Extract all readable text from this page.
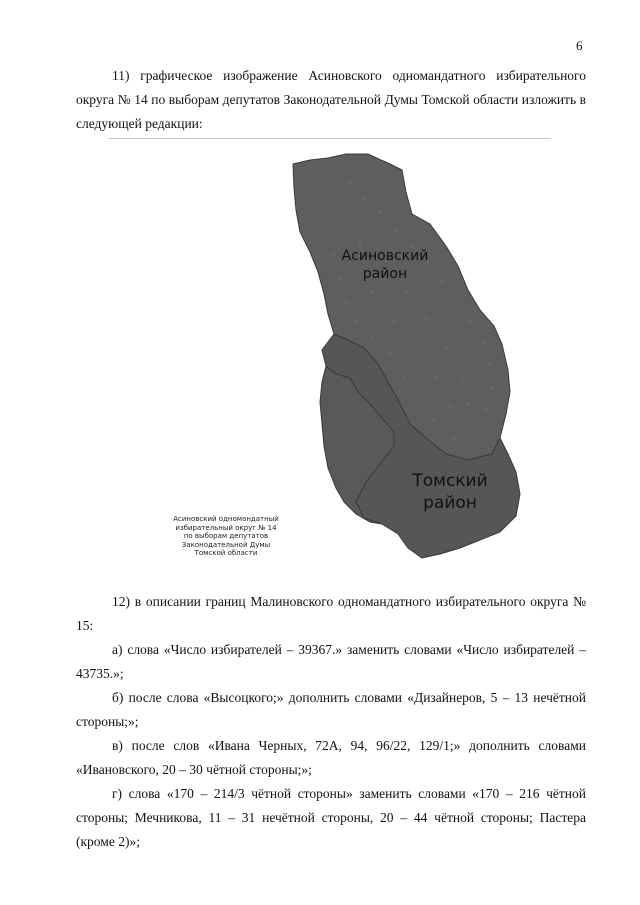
6

11) графическое изображение Асиновского одномандатного избирательного округа № 14 по выборам депутатов Законодательной Думы Томской области изложить в следующей редакции:

Асиновский
район
Томский
район
Асиновский одномандатный
избирательный округ № 14
по выборам депутатов
Законодательной Думы
Томской области

12) в описании границ Малиновского одномандатного избирательного округа № 15:

а) слова «Число избирателей – 39367.» заменить словами «Число избирателей – 43735.»;

б) после слова «Высоцкого;» дополнить словами «Дизайнеров, 5 – 13 нечётной стороны;»;

в) после слов «Ивана Черных, 72А, 94, 96/22, 129/1;» дополнить словами «Ивановского, 20 – 30 чётной стороны;»;

г) слова «170 – 214/3 чётной стороны» заменить словами «170 – 216 чётной стороны; Мечникова, 11 – 31 нечётной стороны, 20 – 44 чётной стороны; Пастера (кроме 2)»;
